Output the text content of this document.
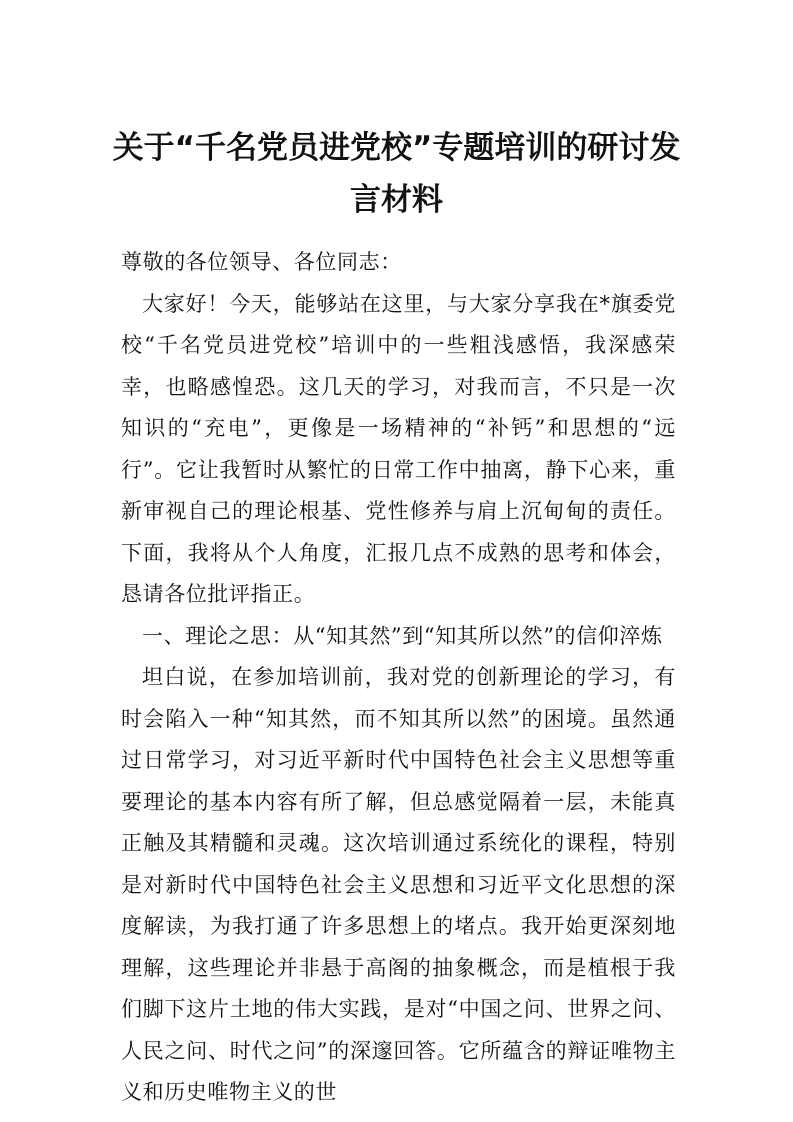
关于“千名党员进党校”专题培训的研讨发言材料

尊敬的各位领导、各位同志：

大家好！今天，能够站在这里，与大家分享我在*旗委党校“千名党员进党校”培训中的一些粗浅感悟，我深感荣幸，也略感惶恐。这几天的学习，对我而言，不只是一次知识的“充电”，更像是一场精神的“补钙”和思想的“远行”。它让我暂时从繁忙的日常工作中抽离，静下心来，重新审视自己的理论根基、党性修养与肩上沉甸甸的责任。下面，我将从个人角度，汇报几点不成熟的思考和体会，恳请各位批评指正。

一、理论之思：从“知其然”到“知其所以然”的信仰淬炼

坦白说，在参加培训前，我对党的创新理论的学习，有时会陷入一种“知其然，而不知其所以然”的困境。虽然通过日常学习，对习近平新时代中国特色社会主义思想等重要理论的基本内容有所了解，但总感觉隔着一层，未能真正触及其精髓和灵魂。这次培训通过系统化的课程，特别是对新时代中国特色社会主义思想和习近平文化思想的深度解读，为我打通了许多思想上的堵点。我开始更深刻地理解，这些理论并非悬于高阁的抽象概念，而是植根于我们脚下这片土地的伟大实践，是对“中国之问、世界之问、人民之问、时代之问”的深邃回答。它所蕴含的辩证唯物主义和历史唯物主义的世
